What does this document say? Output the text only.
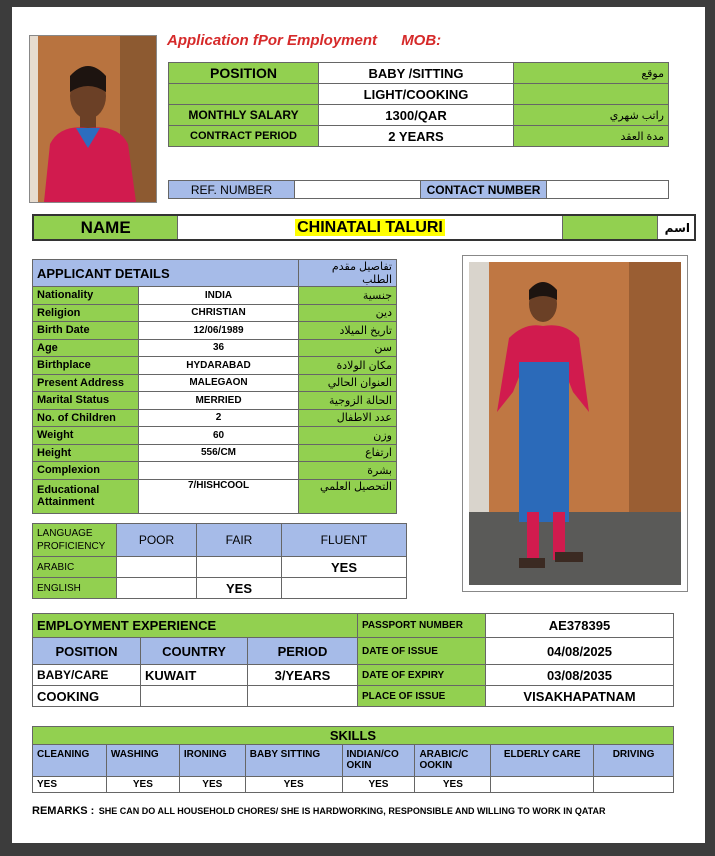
Application fPor Employment MOB:
POSITION	BABY /SITTING	موقع
	LIGHT/COOKING	
MONTHLY SALARY	1300/QAR	راتب شهري
CONTRACT PERIOD	2 YEARS	مدة العقد
REF. NUMBER		CONTACT NUMBER	
NAME	CHINATALI TALURI		اسم
APPLICANT DETAILS		تفاصيل مقدم الطلب
Nationality	INDIA	جنسية
Religion	CHRISTIAN	دين
Birth Date	12/06/1989	تاريخ الميلاد
Age	36	سن
Birthplace	HYDARABAD	مكان الولادة
Present Address	MALEGAON	العنوان الحالي
Marital Status	MERRIED	الحالة الزوجية
No. of Children	2	عدد الاطفال
Weight	60	وزن
Height	556/CM	ارتفاع
Complexion		بشرة
Educational Attainment	7/HISHCOOL	التحصيل العلمي
LANGUAGE PROFICIENCY	POOR	FAIR	FLUENT
ARABIC			YES
ENGLISH		YES	
EMPLOYMENT EXPERIENCE			PASSPORT NUMBER	AE378395
POSITION	COUNTRY	PERIOD	DATE OF ISSUE	04/08/2025
BABY/CARE	KUWAIT	3/YEARS	DATE OF EXPIRY	03/08/2035
COOKING			PLACE OF ISSUE	VISAKHAPATNAM
SKILLS							
CLEANING	WASHING	IRONING	BABY SITTING	INDIAN/CO OKIN	ARABIC/C OOKIN	ELDERLY CARE	DRIVING
YES	YES	YES	YES	YES	YES		
REMARKS : SHE CAN DO ALL HOUSEHOLD CHORES/ SHE IS HARDWORKING, RESPONSIBLE AND WILLING TO WORK IN QATAR
